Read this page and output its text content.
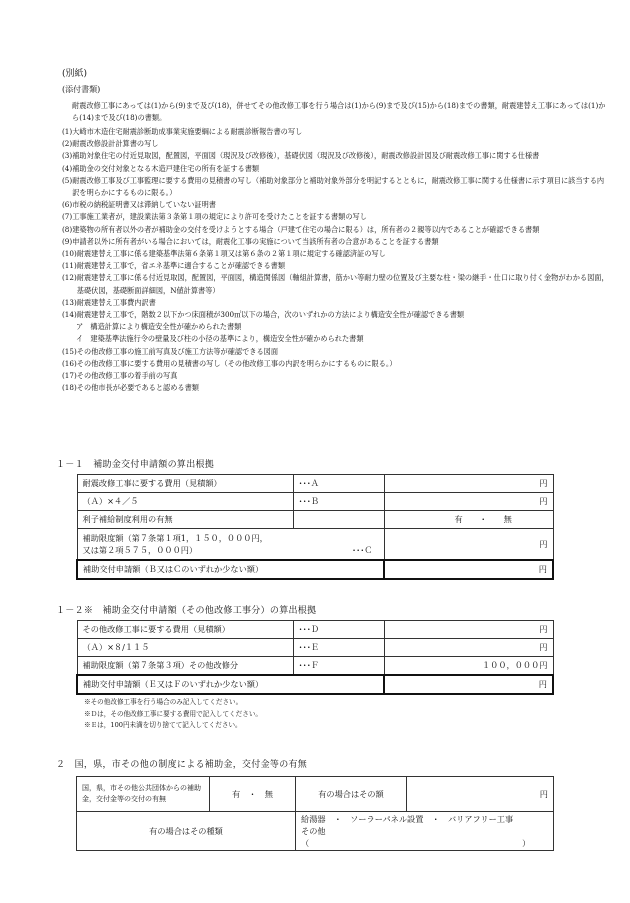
(別紙)
(添付書類)
耐震改修工事にあっては(1)から(9)まで及び(18)，併せてその他改修工事を行う場合は(1)から(9)まで及び(15)から(18)までの書類，耐震建替え工事にあっては(1)から(14)まで及び(18)の書類。
(1) 大崎市木造住宅耐震診断助成事業実施要綱による耐震診断報告書の写し
(2) 耐震改修設計計算書の写し
(3) 補助対象住宅の付近見取図，配置図，平面図（現況及び改修後），基礎伏図（現況及び改修後），耐震改修設計図及び耐震改修工事に関する仕様書
(4) 補助金の交付対象となる木造戸建住宅の所有を証する書類
(5) 耐震改修工事及び工事監理に要する費用の見積書の写し（補助対象部分と補助対象外部分を明記するとともに，耐震改修工事に関する仕様書に示す項目に該当する内訳を明らかにするものに限る。）
(6) 市税の納税証明書又は滞納していない証明書
(7) 工事施工業者が，建設業法第３条第１項の規定により許可を受けたことを証する書類の写し
(8) 建築物の所有者以外の者が補助金の交付を受けようとする場合（戸建て住宅の場合に限る）は，所有者の２親等以内であることが確認できる書類
(9) 申請者以外に所有者がいる場合においては，耐震化工事の実施について当該所有者の合意があることを証する書類
(10) 耐震建替え工事に係る建築基準法第６条第１項又は第６条の２第１項に規定する確認済証の写し
(11) 耐震建替え工事で，省エネ基準に適合することが確認できる書類
(12) 耐震建替え工事に係る付近見取図，配置図，平面図，構造関係図（軸組計算書，筋かい等耐力壁の位置及び主要な柱・梁の継手・仕口に取り付く金物がわかる図面，基礎伏図，基礎断面詳細図，N値計算書等）
(13) 耐震建替え工事費内訳書
(14) 耐震建替え工事で，階数２以下かつ床面積が300㎡以下の場合，次のいずれかの方法により構造安全性が確認できる書類
ア　構造計算により構造安全性が確かめられた書類
イ　建築基準法施行令の壁量及び柱の小径の基準により，構造安全性が確かめられた書類
(15) その他改修工事の施工前写真及び施工方法等が確認できる図面
(16) その他改修工事に要する費用の見積書の写し（その他改修工事の内訳を明らかにするものに限る。）
(17) その他改修工事の着手前の写真
(18) その他市長が必要であると認める書類
１－１　補助金交付申請額の算出根拠
耐震改修工事に要する費用（見積額）	･･･Ａ	円
（Ａ）×４／５	･･･Ｂ	円
利子補給制度利用の有無		有　　・　　無

補助限度額（第７条第１項1，１５０，０００円，
又は第２項５７５，０００円） ･･･Ｃ		円
補助交付申請額（Ｂ又はＣのいずれか少ない額）		円
１－２※　補助金交付申請額（その他改修工事分）の算出根拠
その他改修工事に要する費用（見積額）	･･･Ｄ	円
（Ａ）×８/１１５	･･･Ｅ	円
補助限度額（第７条第３項）その他改修分	･･･Ｆ	１００，０００円
補助交付申請額（Ｅ又はＦのいずれか少ない額）		円
※その他改修工事を行う場合のみ記入してください。
※Ｄは，その他改修工事に要する費用で記入してください。
※Ｅは，100円未満を切り捨てて記入してください。
２　国，県，市その他の制度による補助金，交付金等の有無
国，県，市その他公共団体からの補助金，交付金等の交付の有無	有　・　無	有の場合はその額	円
有の場合はその種類		給湯器　・　ソーラーパネル設置　・　バリアフリー工事
その他（　　　　　　　　　　　　　　　　　　　　　　　　　　）	
